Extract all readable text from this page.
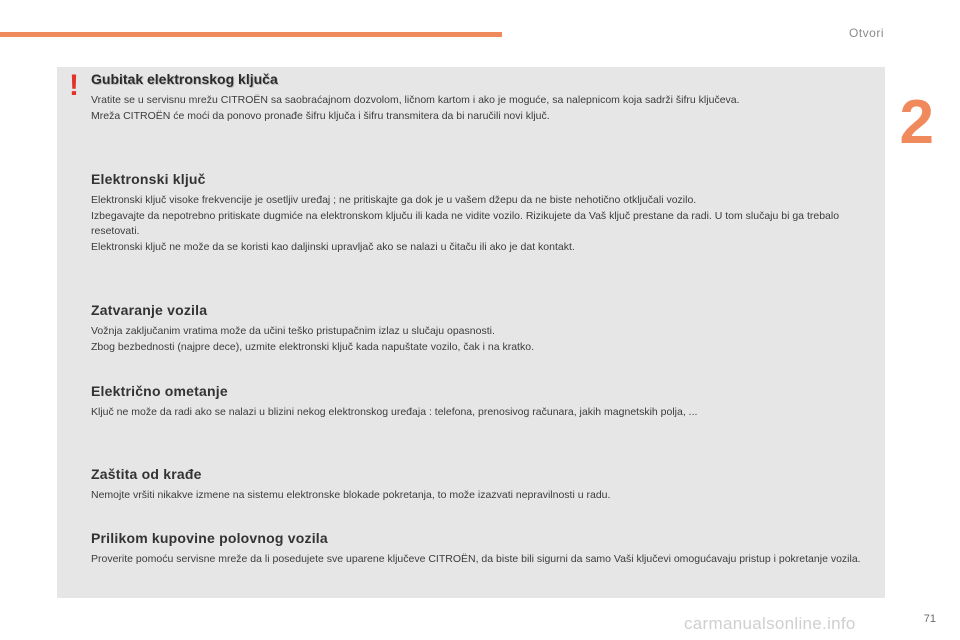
Otvori
2
! Gubitak elektronskog ključa

Vratite se u servisnu mrežu CITROËN sa saobraćajnom dozvolom, ličnom kartom i ako je moguće, sa nalepnicom koja sadrži šifru ključeva.

Mreža CITROËN će moći da ponovo pronađe šifru ključa i šifru transmitera da bi naručili novi ključ.

Elektronski ključ

Elektronski ključ visoke frekvencije je osetljiv uređaj ; ne pritiskajte ga dok je u vašem džepu da ne biste nehotično otključali vozilo.

Izbegavajte da nepotrebno pritiskate dugmiće na elektronskom ključu ili kada ne vidite vozilo. Rizikujete da Vaš ključ prestane da radi. U tom slučaju bi ga trebalo resetovati.

Elektronski ključ ne može da se koristi kao daljinski upravljač ako se nalazi u čitaču ili ako je dat kontakt.

Zatvaranje vozila

Vožnja zaključanim vratima može da učini teško pristupačnim izlaz u slučaju opasnosti.

Zbog bezbednosti (najpre dece), uzmite elektronski ključ kada napuštate vozilo, čak i na kratko.

Električno ometanje

Ključ ne može da radi ako se nalazi u blizini nekog elektronskog uređaja : telefona, prenosivog računara, jakih magnetskih polja, ...

Zaštita od krađe

Nemojte vršiti nikakve izmene na sistemu elektronske blokade pokretanja, to može izazvati nepravilnosti u radu.

Prilikom kupovine polovnog vozila

Proverite pomoću servisne mreže da li posedujete sve uparene ključeve CITROËN, da biste bili sigurni da samo Vaši ključevi omogućavaju pristup i pokretanje vozila.

carmanualsonline.info	71
